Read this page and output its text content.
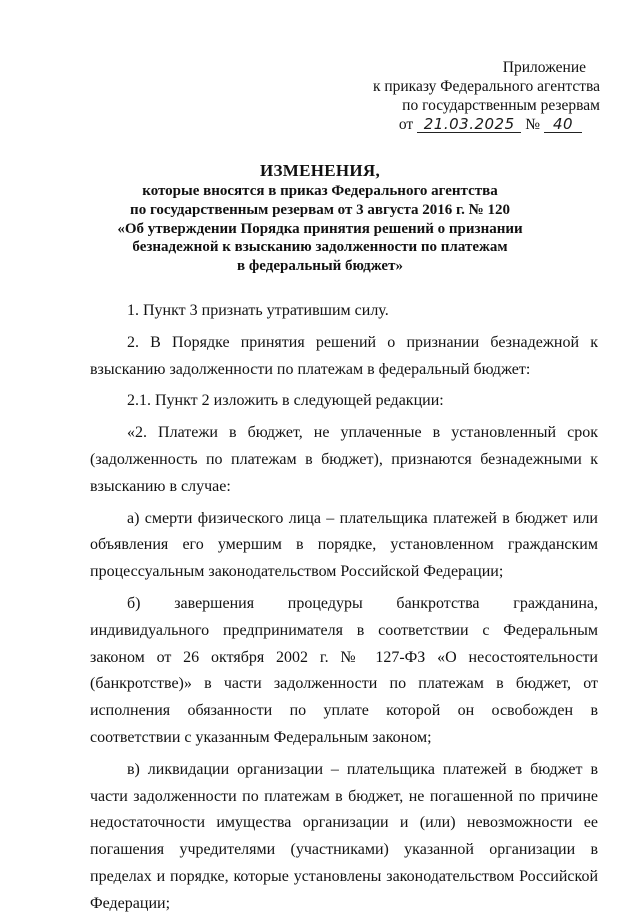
Приложение
к приказу Федерального агентства
по государственным резервам
от 21.03.2025 № 40
ИЗМЕНЕНИЯ,
которые вносятся в приказ Федерального агентства
по государственным резервам от 3 августа 2016 г. № 120
«Об утверждении Порядка принятия решений о признании
безнадежной к взысканию задолженности по платежам
в федеральный бюджет»

1. Пункт 3 признать утратившим силу.

2. В Порядке принятия решений о признании безнадежной к взысканию задолженности по платежам в федеральный бюджет:

2.1. Пункт 2 изложить в следующей редакции:

«2. Платежи в бюджет, не уплаченные в установленный срок (задолженность по платежам в бюджет), признаются безнадежными к взысканию в случае:

а) смерти физического лица – плательщика платежей в бюджет или объявления его умершим в порядке, установленном гражданским процессуальным законодательством Российской Федерации;

б) завершения процедуры банкротства гражданина, индивидуального предпринимателя в соответствии с Федеральным законом от 26 октября 2002 г. № 127-ФЗ «О несостоятельности (банкротстве)» в части задолженности по платежам в бюджет, от исполнения обязанности по уплате которой он освобожден в соответствии с указанным Федеральным законом;

в) ликвидации организации – плательщика платежей в бюджет в части задолженности по платежам в бюджет, не погашенной по причине недостаточности имущества организации и (или) невозможности ее погашения учредителями (участниками) указанной организации в пределах и порядке, которые установлены законодательством Российской Федерации;
